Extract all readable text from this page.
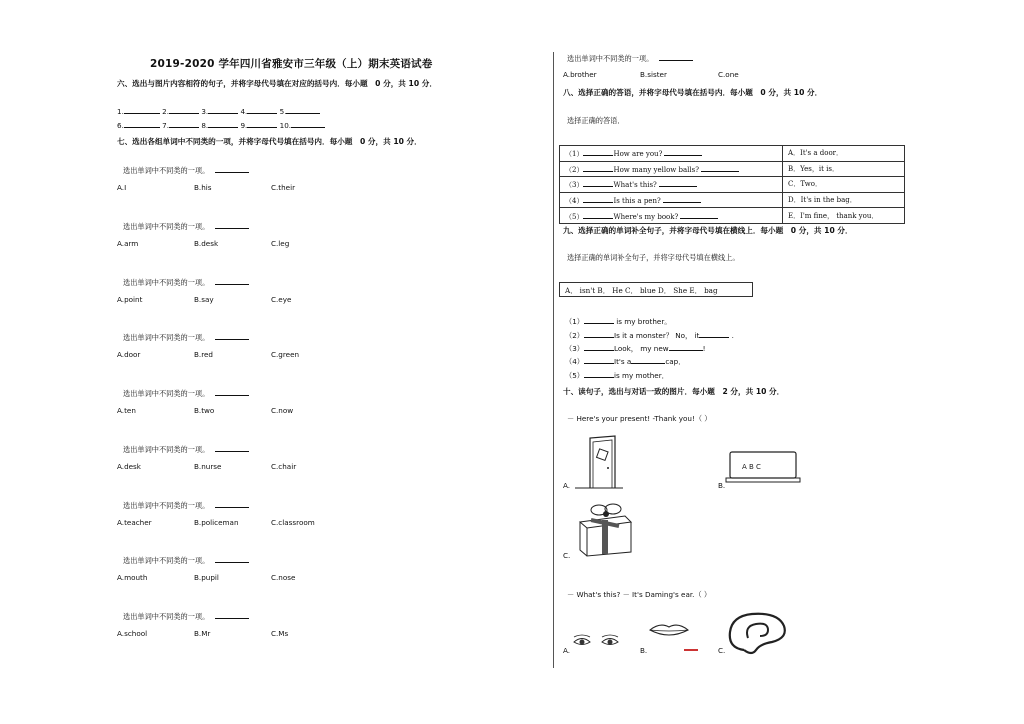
2019-2020 学年四川省雅安市三年级（上）期末英语试卷
六、选出与图片内容相符的句子，并将字母代号填在对应的括号内．每小题　0 分，共 10 分．
1.	2.	3.	4.	5.
6.	7.	8.	9.	10.
七、选出各组单词中不同类的一项，并将字母代号填在括号内．每小题　0 分，共 10 分．
选出单词中不同类的一项。
A.I	B.his	C.their
选出单词中不同类的一项。
A.arm	B.desk	C.leg
选出单词中不同类的一项。
A.point	B.say	C.eye
选出单词中不同类的一项。
A.door	B.red	C.green
选出单词中不同类的一项。
A.ten	B.two	C.now
选出单词中不同类的一项。
A.desk	B.nurse	C.chair
选出单词中不同类的一项。
A.teacher	B.policeman	C.classroom
选出单词中不同类的一项。
A.mouth	B.pupil	C.nose
选出单词中不同类的一项。
A.school	B.Mr	C.Ms
选出单词中不同类的一项。
A.brother	B.sister	C.one
八、选择正确的答语，并将字母代号填在括号内．每小题　0 分，共 10 分．
选择正确的答语．
（1） How are you?	A．It's a door．
（2） How many yellow balls?	B．Yes，it is．
（3） What's this?	C．Two．
（4） Is this a pen?	D．It's in the bag．
（5） Where's my book?	E．I'm fine， thank you．
九、选择正确的单词补全句子，并将字母代号填在横线上．每小题　0 分，共 10 分．
选择正确的单词补全句子，并将字母代号填在横线上。
A． isn't B． He C． blue D． She E． bag
（1）	is my brother。
（2）	Is it a monster？ No， it	.
（3）	Look， my new	!
（4）	It's a	cap．
（5）	is my mother．
十、读句子，选出与对话一致的图片．每小题　2 分，共 10 分．
－ Here's your present! -Thank you!（ ）
A.
A B C
B.
C.
－ What's this? － It's Daming's ear.（ ）
A.	B.	C.
